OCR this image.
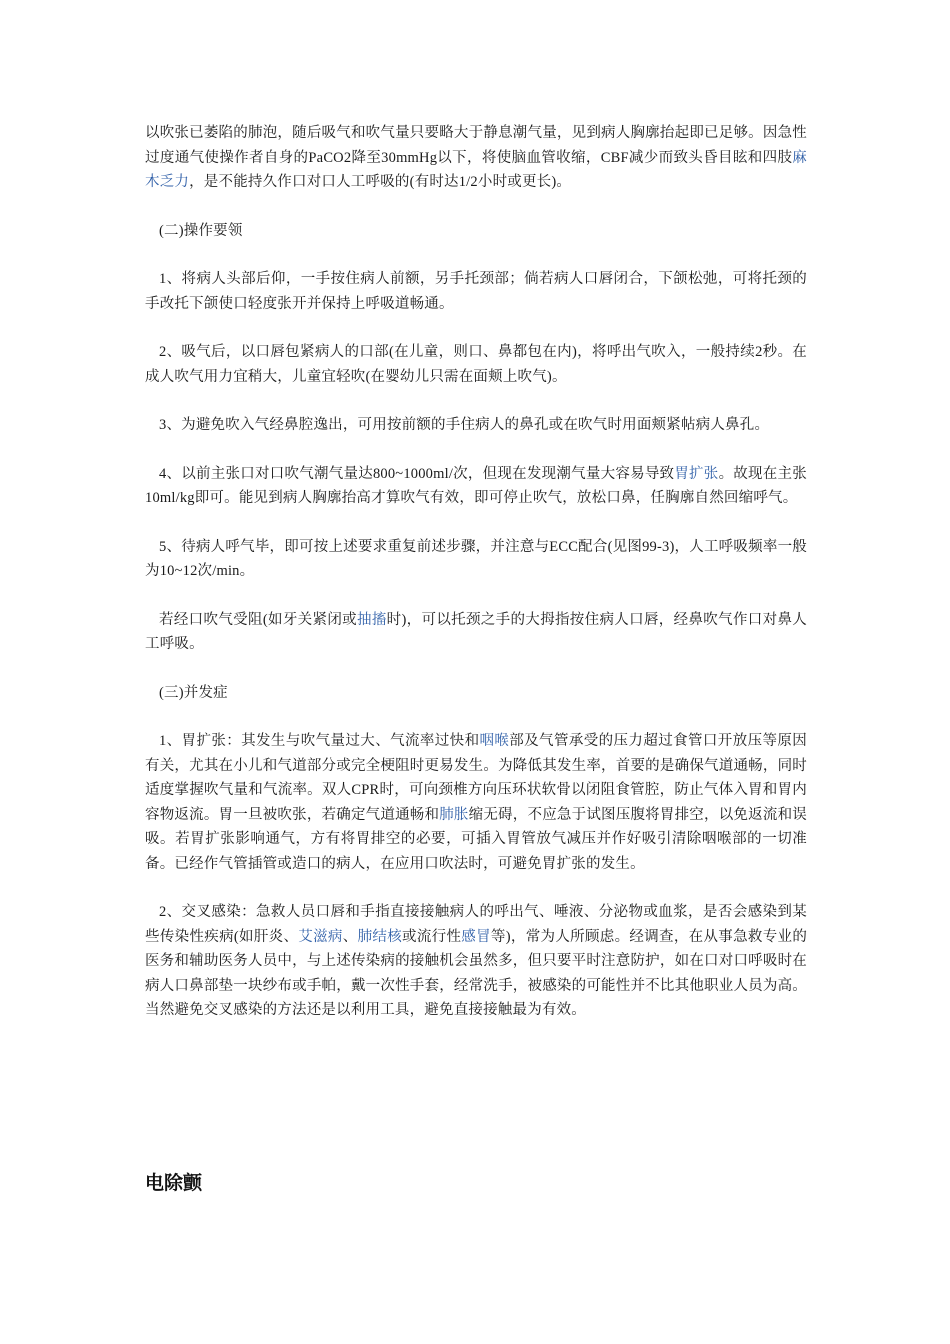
以吹张已萎陷的肺泡，随后吸气和吹气量只要略大于静息潮气量，见到病人胸廓抬起即已足够。因急性过度通气使操作者自身的PaCO2降至30mmHg以下，将使脑血管收缩，CBF减少而致头昏目眩和四肢麻木乏力，是不能持久作口对口人工呼吸的(有时达1/2小时或更长)。

(二)操作要领

1、将病人头部后仰，一手按住病人前额，另手托颈部；倘若病人口唇闭合，下颌松弛，可将托颈的手改托下颌使口轻度张开并保持上呼吸道畅通。

2、吸气后，以口唇包紧病人的口部(在儿童，则口、鼻都包在内)，将呼出气吹入，一般持续2秒。在成人吹气用力宜稍大，儿童宜轻吹(在婴幼儿只需在面颊上吹气)。

3、为避免吹入气经鼻腔逸出，可用按前额的手住病人的鼻孔或在吹气时用面颊紧帖病人鼻孔。

4、以前主张口对口吹气潮气量达800~1000ml/次，但现在发现潮气量大容易导致胃扩张。故现在主张10ml/kg即可。能见到病人胸廓抬高才算吹气有效，即可停止吹气，放松口鼻，任胸廓自然回缩呼气。

5、待病人呼气毕，即可按上述要求重复前述步骤，并注意与ECC配合(见图99-3)，人工呼吸频率一般为10~12次/min。

若经口吹气受阻(如牙关紧闭或抽搐时)，可以托颈之手的大拇指按住病人口唇，经鼻吹气作口对鼻人工呼吸。

(三)并发症

1、胃扩张：其发生与吹气量过大、气流率过快和咽喉部及气管承受的压力超过食管口开放压等原因有关，尤其在小儿和气道部分或完全梗阻时更易发生。为降低其发生率，首要的是确保气道通畅，同时适度掌握吹气量和气流率。双人CPR时，可向颈椎方向压环状软骨以闭阻食管腔，防止气体入胃和胃内容物返流。胃一旦被吹张，若确定气道通畅和肺胀缩无碍，不应急于试图压腹将胃排空，以免返流和误吸。若胃扩张影响通气，方有将胃排空的必要，可插入胃管放气减压并作好吸引清除咽喉部的一切准备。已经作气管插管或造口的病人，在应用口吹法时，可避免胃扩张的发生。

2、交叉感染：急救人员口唇和手指直接接触病人的呼出气、唾液、分泌物或血浆，是否会感染到某些传染性疾病(如肝炎、艾滋病、肺结核或流行性感冒等)，常为人所顾虑。经调查，在从事急救专业的医务和辅助医务人员中，与上述传染病的接触机会虽然多，但只要平时注意防护，如在口对口呼吸时在病人口鼻部垫一块纱布或手帕，戴一次性手套，经常洗手，被感染的可能性并不比其他职业人员为高。当然避免交叉感染的方法还是以利用工具，避免直接接触最为有效。

电除颤
